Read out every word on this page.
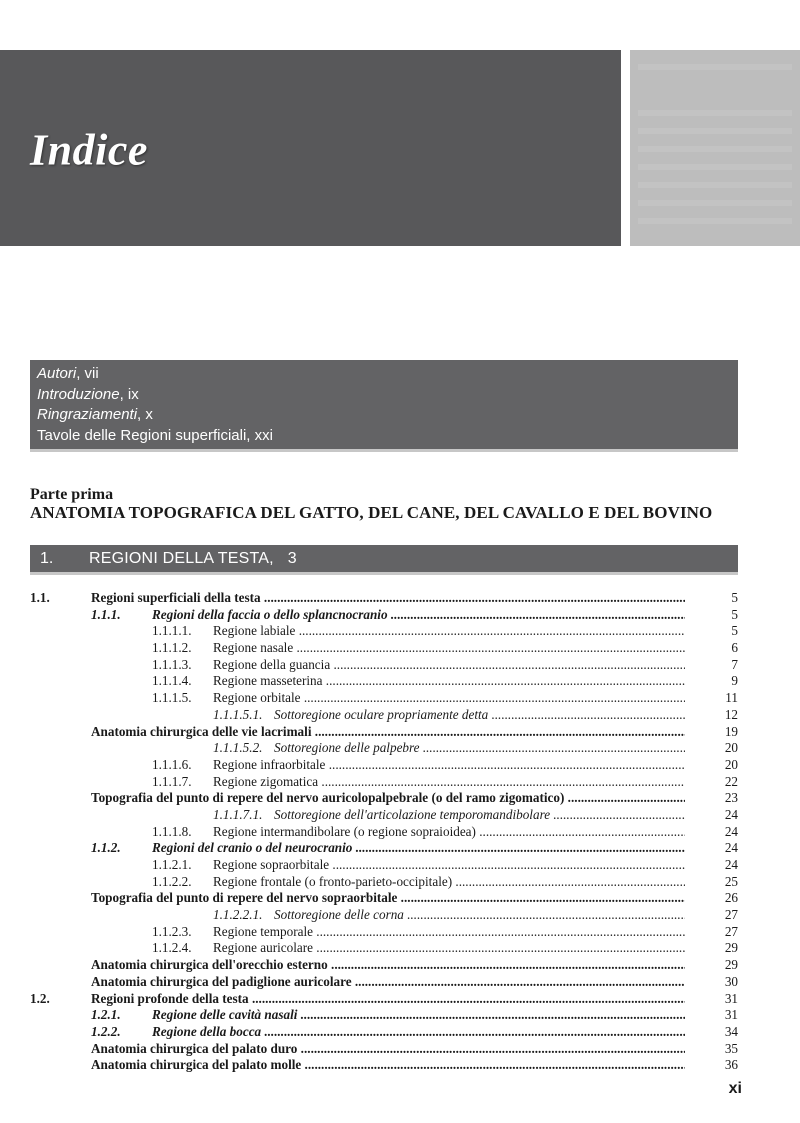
Indice
Autori, vii
Introduzione, ix
Ringraziamenti, x
Tavole delle Regioni superficiali, xxi
Parte prima
ANATOMIA TOPOGRAFICA DEL GATTO, DEL CANE, DEL CAVALLO E DEL BOVINO
1. REGIONI DELLA TESTA, 3
1.1.	Regioni superficiali della testa .....	5
1.1.1. Regioni della faccia o dello splancnocranio .....	5
1.1.1.1. Regione labiale .....	5
1.1.1.2. Regione nasale .....	6
1.1.1.3. Regione della guancia .....	7
1.1.1.4. Regione masseterina .....	9
1.1.1.5. Regione orbitale .....	11
1.1.1.5.1. Sottoregione oculare propriamente detta .....	12
Anatomia chirurgica delle vie lacrimali .....	19
1.1.1.5.2. Sottoregione delle palpebre .....	20
1.1.1.6. Regione infraorbitale .....	20
1.1.1.7. Regione zigomatica .....	22
Topografia del punto di repere del nervo auricolopalpebrale (o del ramo zigomatico) .....	23
1.1.1.7.1. Sottoregione dell'articolazione temporomandibolare .....	24
1.1.1.8. Regione intermandibolare (o regione sopraioidea) .....	24
1.1.2. Regioni del cranio o del neurocranio .....	24
1.1.2.1. Regione sopraorbitale .....	24
1.1.2.2. Regione frontale (o fronto-parieto-occipitale) .....	25
Topografia del punto di repere del nervo sopraorbitale .....	26
1.1.2.2.1. Sottoregione delle corna .....	27
1.1.2.3. Regione temporale .....	27
1.1.2.4. Regione auricolare .....	29
Anatomia chirurgica dell'orecchio esterno .....	29
Anatomia chirurgica del padiglione auricolare .....	30
1.2.	Regioni profonde della testa .....	31
1.2.1. Regione delle cavità nasali .....	31
1.2.2. Regione della bocca .....	34
Anatomia chirurgica del palato duro .....	35
Anatomia chirurgica del palato molle .....	36
xi
